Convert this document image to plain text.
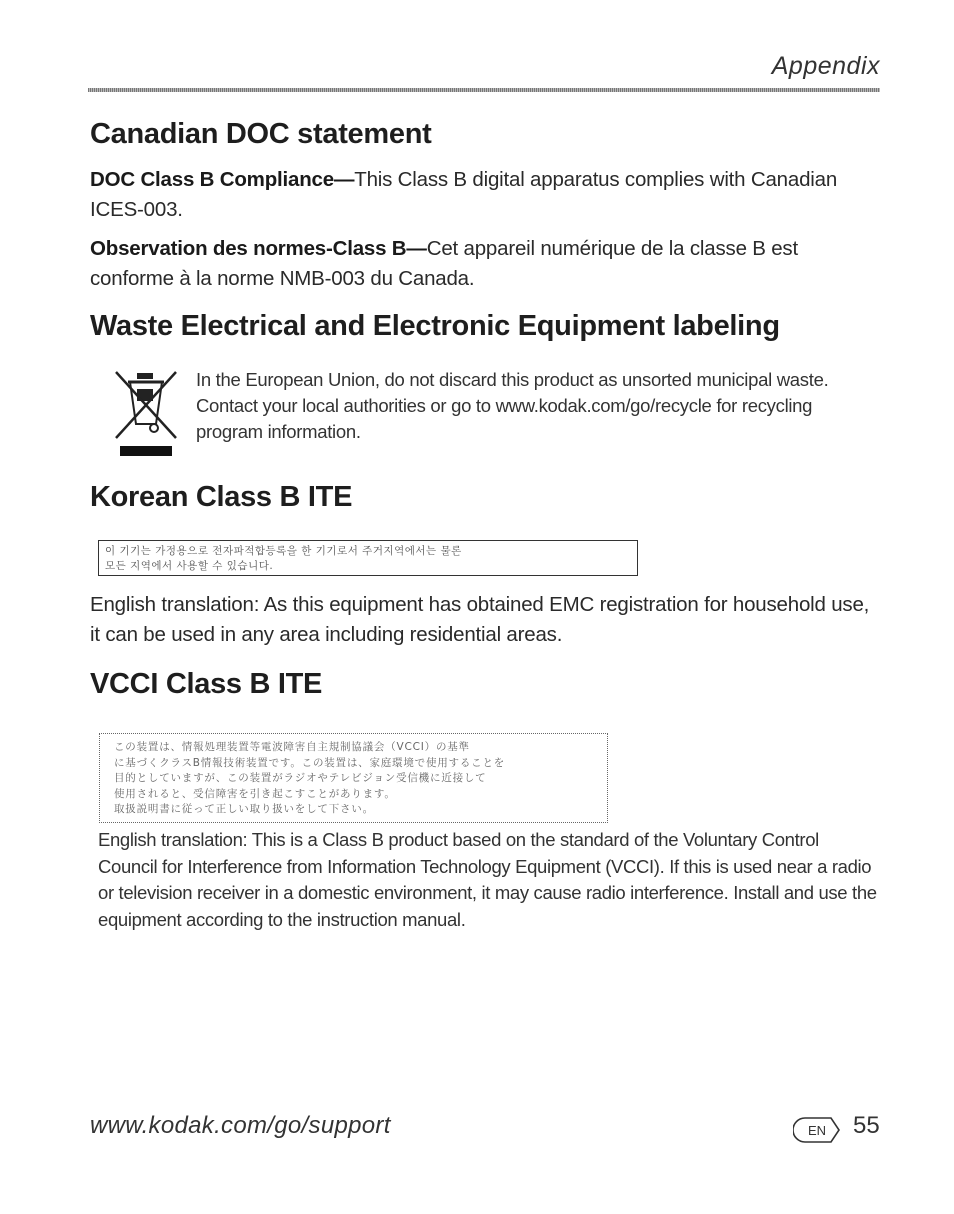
Appendix
Canadian DOC statement

DOC Class B Compliance—This Class B digital apparatus complies with Canadian ICES-003.

Observation des normes-Class B—Cet appareil numérique de la classe B est conforme à la norme NMB-003 du Canada.

Waste Electrical and Electronic Equipment labeling

In the European Union, do not discard this product as unsorted municipal waste. Contact your local authorities or go to www.kodak.com/go/recycle for recycling program information.

Korean Class B ITE

이 기기는 가정용으로 전자파적합등록을 한 기기로서 주거지역에서는 물론

모든 지역에서 사용할 수 있습니다.

English translation: As this equipment has obtained EMC registration for household use, it can be used in any area including residential areas.

VCCI Class B ITE

この装置は、情報処理装置等電波障害自主規制協議会（VCCI）の基準

に基づくクラスB情報技術装置です。この装置は、家庭環境で使用することを

目的としていますが、この装置がラジオやテレビジョン受信機に近接して

使用されると、受信障害を引き起こすことがあります。

取扱説明書に従って正しい取り扱いをして下さい。

English translation: This is a Class B product based on the standard of the Voluntary Control Council for Interference from Information Technology Equipment (VCCI). If this is used near a radio or television receiver in a domestic environment, it may cause radio interference. Install and use the equipment according to the instruction manual.

www.kodak.com/go/support	EN 55
